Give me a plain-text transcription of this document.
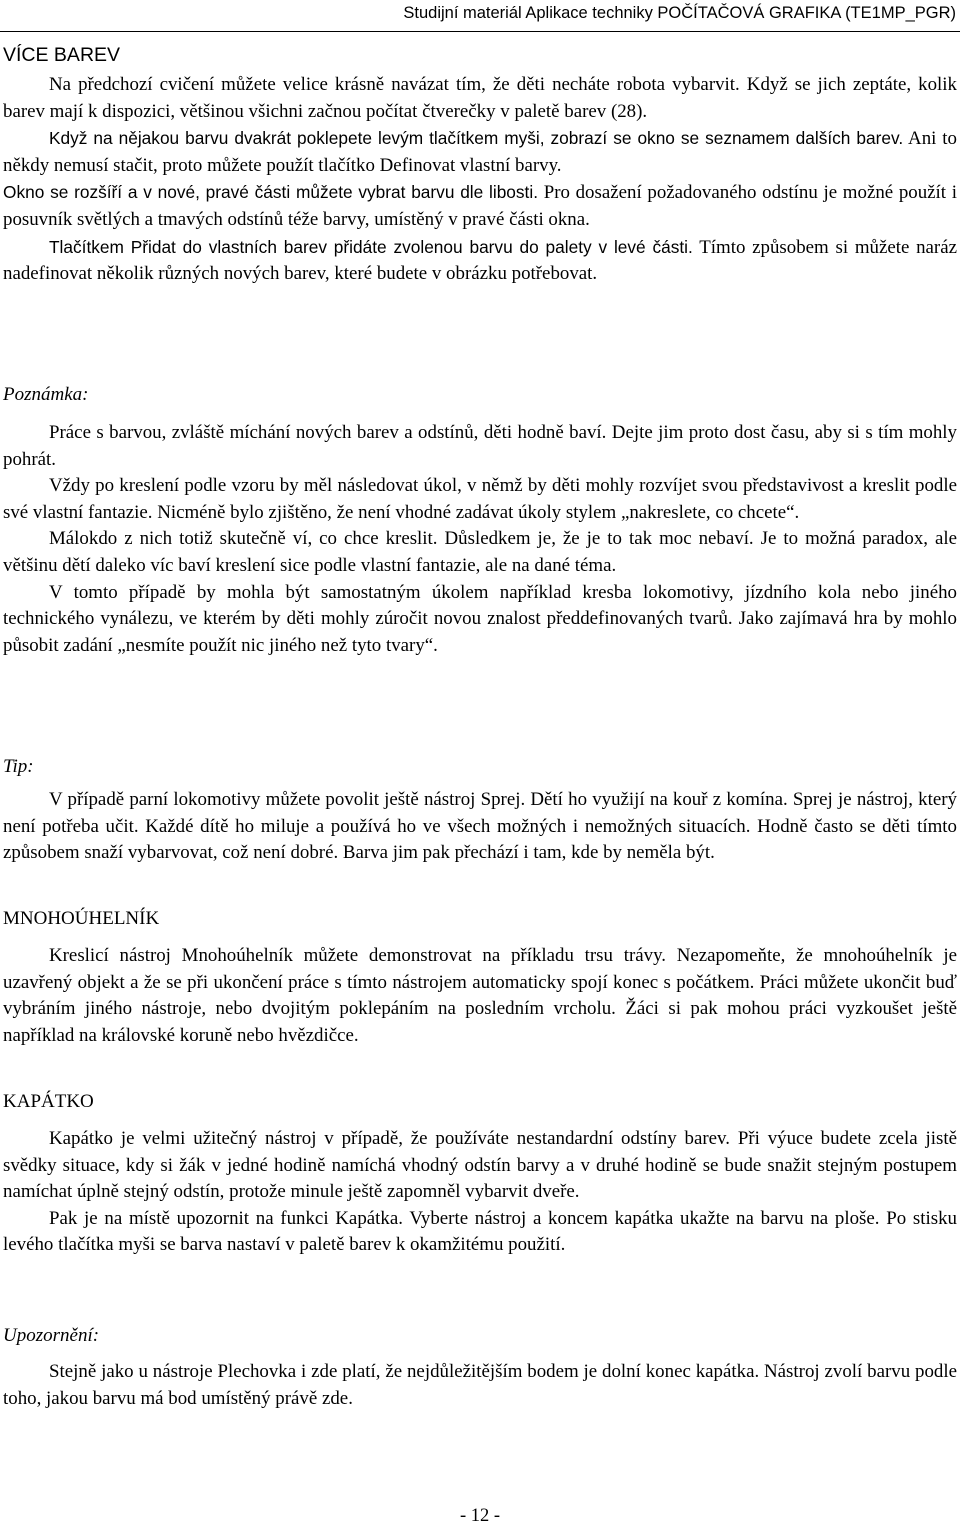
Studijní materiál Aplikace techniky POČÍTAČOVÁ GRAFIKA (TE1MP_PGR)
VÍCE BAREV

Na předchozí cvičení můžete velice krásně navázat tím, že děti necháte robota vybarvit. Když se jich zeptáte, kolik barev mají k dispozici, většinou všichni začnou počítat čtverečky v paletě barev (28).

Když na nějakou barvu dvakrát poklepete levým tlačítkem myši, zobrazí se okno se seznamem dalších barev. Ani to někdy nemusí stačit, proto můžete použít tlačítko Definovat vlastní barvy.

Okno se rozšíří a v nové, pravé části můžete vybrat barvu dle libosti. Pro dosažení požadovaného odstínu je možné použít i posuvník světlých a tmavých odstínů téže barvy, umístěný v pravé části okna.

Tlačítkem Přidat do vlastních barev přidáte zvolenou barvu do palety v levé části. Tímto způsobem si můžete naráz nadefinovat několik různých nových barev, které budete v obrázku potřebovat.

Poznámka:

Práce s barvou, zvláště míchání nových barev a odstínů, děti hodně baví. Dejte jim proto dost času, aby si s tím mohly pohrát.

Vždy po kreslení podle vzoru by měl následovat úkol, v němž by děti mohly rozvíjet svou představivost a kreslit podle své vlastní fantazie. Nicméně bylo zjištěno, že není vhodné zadávat úkoly stylem „nakreslete, co chcete“.

Málokdo z nich totiž skutečně ví, co chce kreslit. Důsledkem je, že je to tak moc nebaví. Je to možná paradox, ale většinu dětí daleko víc baví kreslení sice podle vlastní fantazie, ale na dané téma.

V tomto případě by mohla být samostatným úkolem například kresba lokomotivy, jízdního kola nebo jiného technického vynálezu, ve kterém by děti mohly zúročit novou znalost předdefinovaných tvarů. Jako zajímavá hra by mohlo působit zadání „nesmíte použít nic jiného než tyto tvary“.

Tip:

V případě parní lokomotivy můžete povolit ještě nástroj Sprej. Dětí ho využijí na kouř z komína. Sprej je nástroj, který není potřeba učit. Každé dítě ho miluje a používá ho ve všech možných i nemožných situacích. Hodně často se děti tímto způsobem snaží vybarvovat, což není dobré. Barva jim pak přechází i tam, kde by neměla být.

MNOHOÚHELNÍK

Kreslicí nástroj Mnohoúhelník můžete demonstrovat na příkladu trsu trávy. Nezapomeňte, že mnohoúhelník je uzavřený objekt a že se při ukončení práce s tímto nástrojem automaticky spojí konec s počátkem. Práci můžete ukončit buď vybráním jiného nástroje, nebo dvojitým poklepáním na posledním vrcholu. Žáci si pak mohou práci vyzkoušet ještě například na královské koruně nebo hvězdičce.

KAPÁTKO

Kapátko je velmi užitečný nástroj v případě, že používáte nestandardní odstíny barev. Při výuce budete zcela jistě svědky situace, kdy si žák v jedné hodině namíchá vhodný odstín barvy a v druhé hodině se bude snažit stejným postupem namíchat úplně stejný odstín, protože minule ještě zapomněl vybarvit dveře.

Pak je na místě upozornit na funkci Kapátka. Vyberte nástroj a koncem kapátka ukažte na barvu na ploše. Po stisku levého tlačítka myši se barva nastaví v paletě barev k okamžitému použití.

Upozornění:

Stejně jako u nástroje Plechovka i zde platí, že nejdůležitějším bodem je dolní konec kapátka. Nástroj zvolí barvu podle toho, jakou barvu má bod umístěný právě zde.

- 12 -
